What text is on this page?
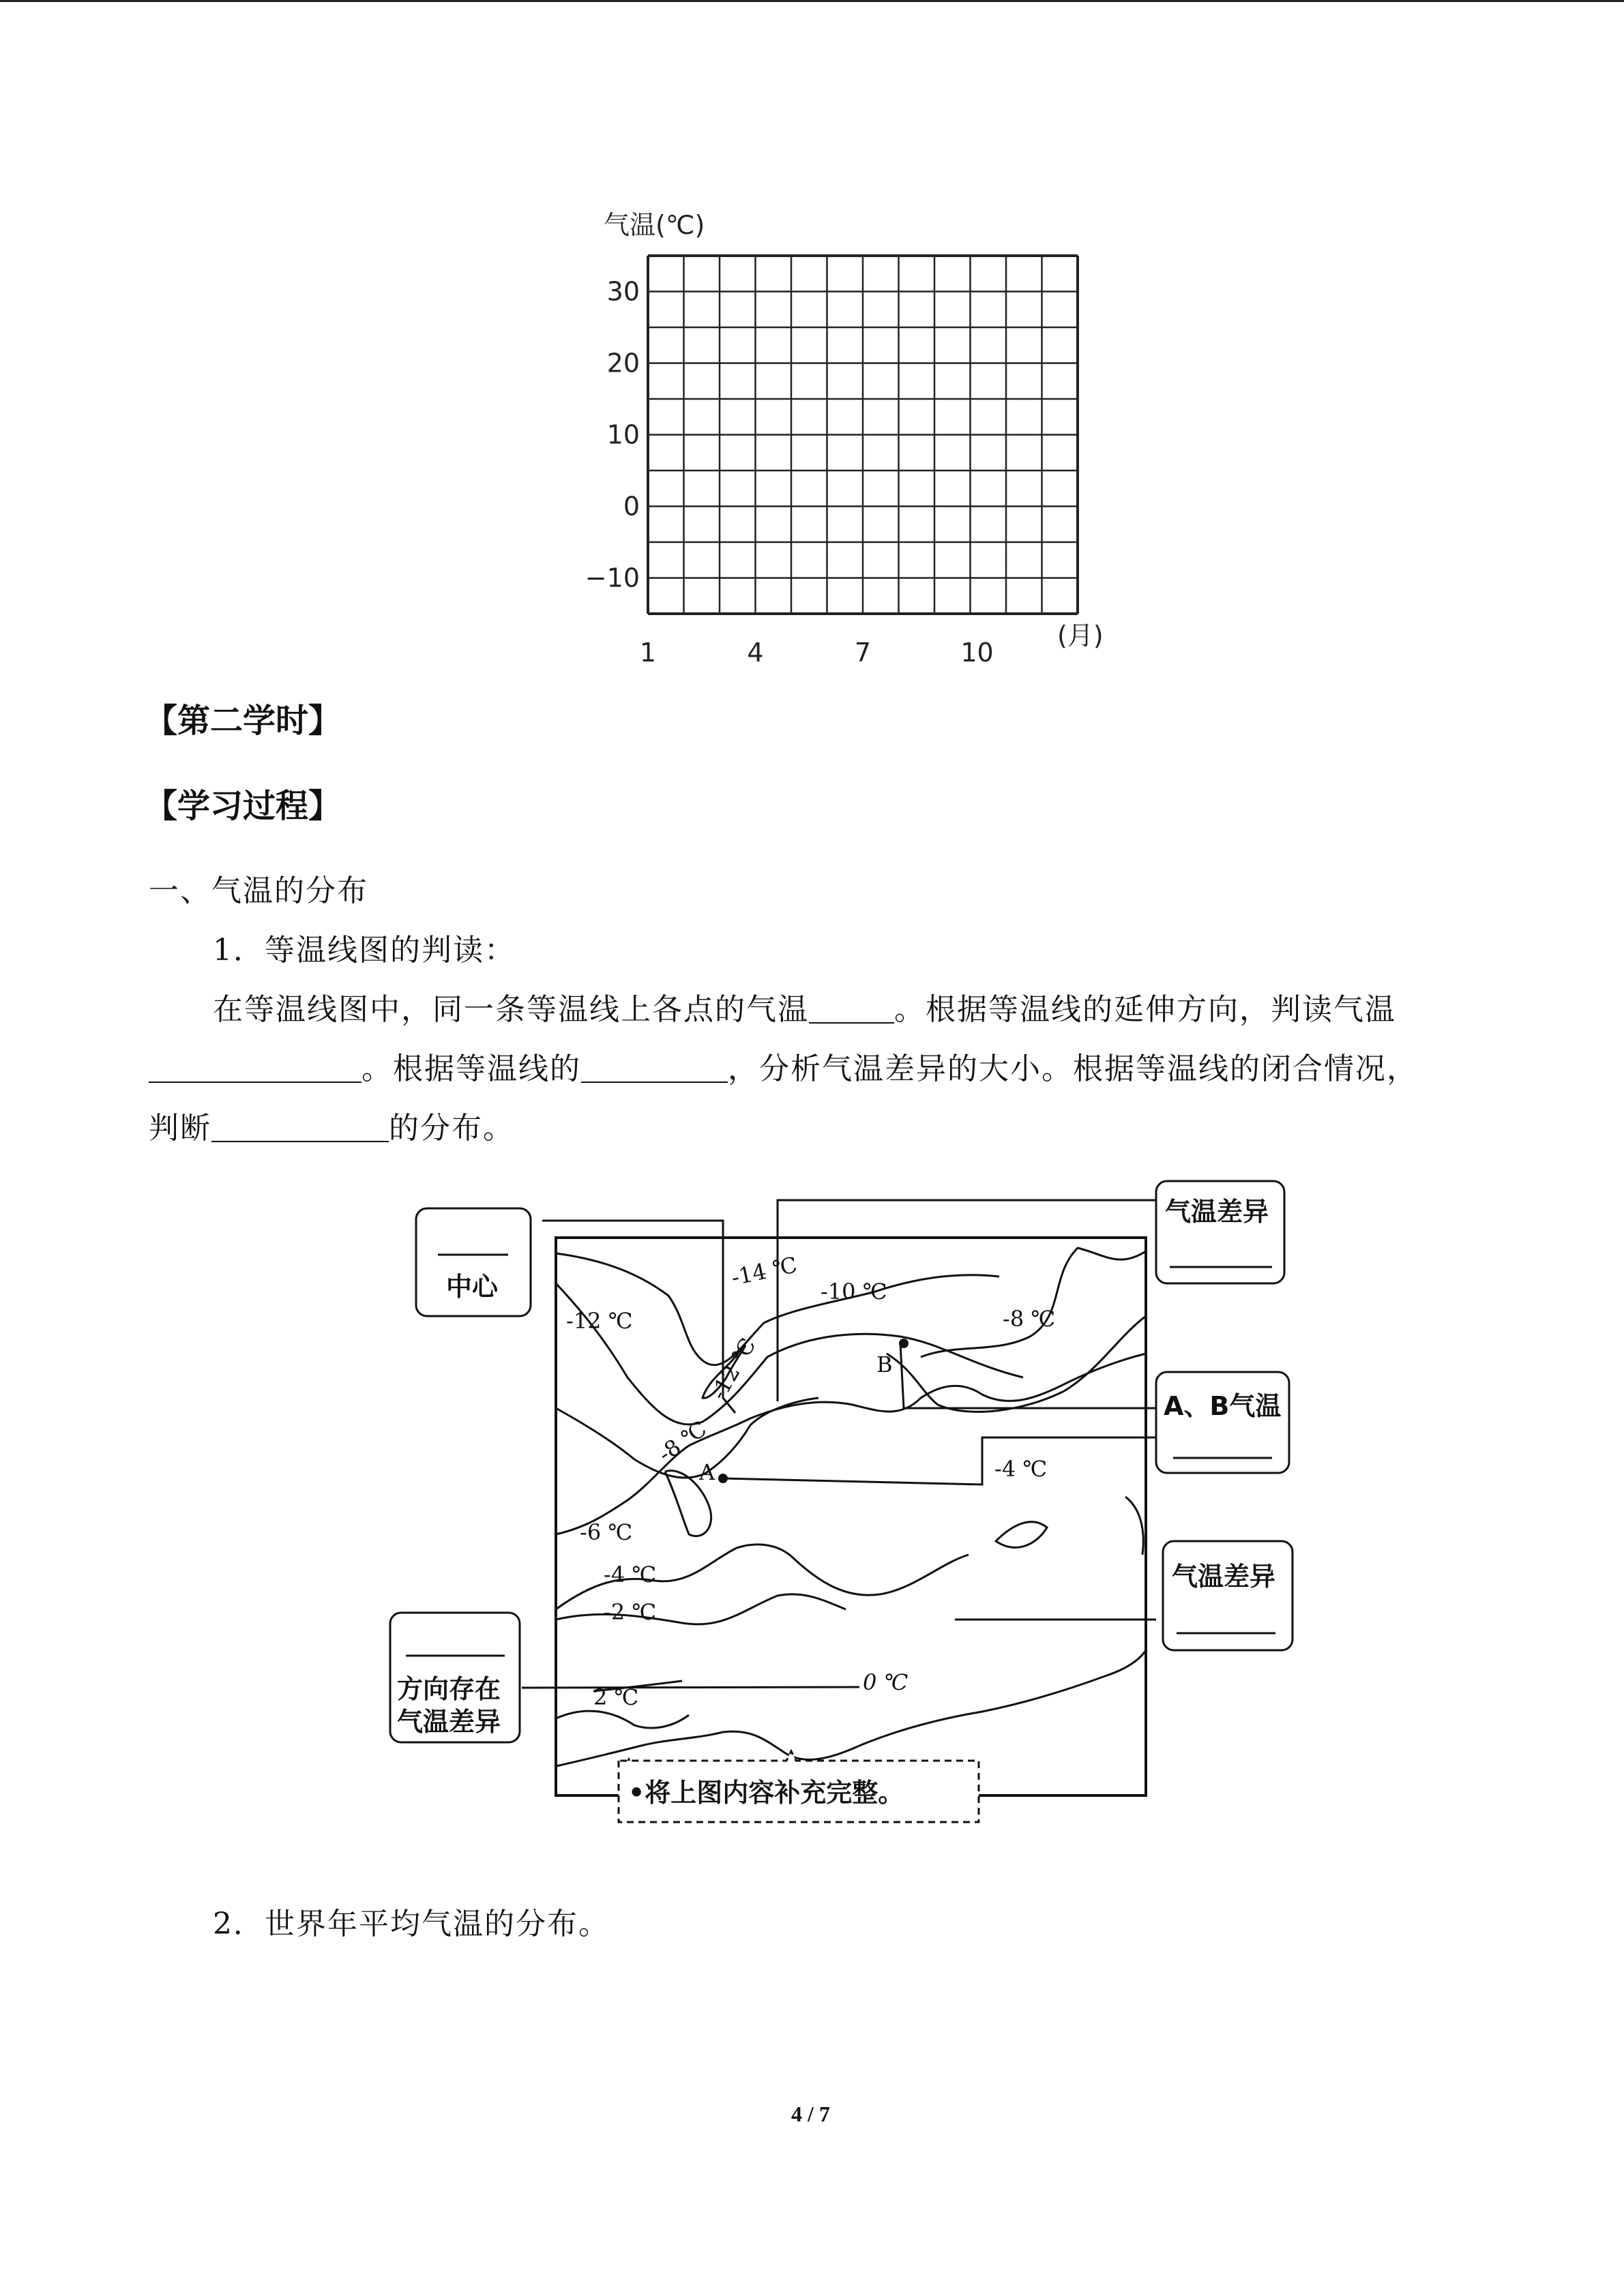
气温(℃)
30
20
10
0
−10
1	4	7	10
(月)
【第二学时】
【学习过程】
一、气温的分布
1．等温线图的判读：
在等温线图中，同一条等温线上各点的气温	。根据等温线的延伸方向，判读气温
。根据等温线的	，分析气温差异的大小。根据等温线的闭合情况，
判断	的分布。
A
B
-14 ℃
-10 ℃
-12 ℃
-12 ℃
-8 ℃
-8 ℃
-4 ℃
-6 ℃
-4 ℃
-2 ℃
0 ℃
2 ℃
中心
气温差异
A、B气温
气温差异
方向存在
气温差异
•将上图内容补充完整。
2．世界年平均气温的分布。
4 / 7
